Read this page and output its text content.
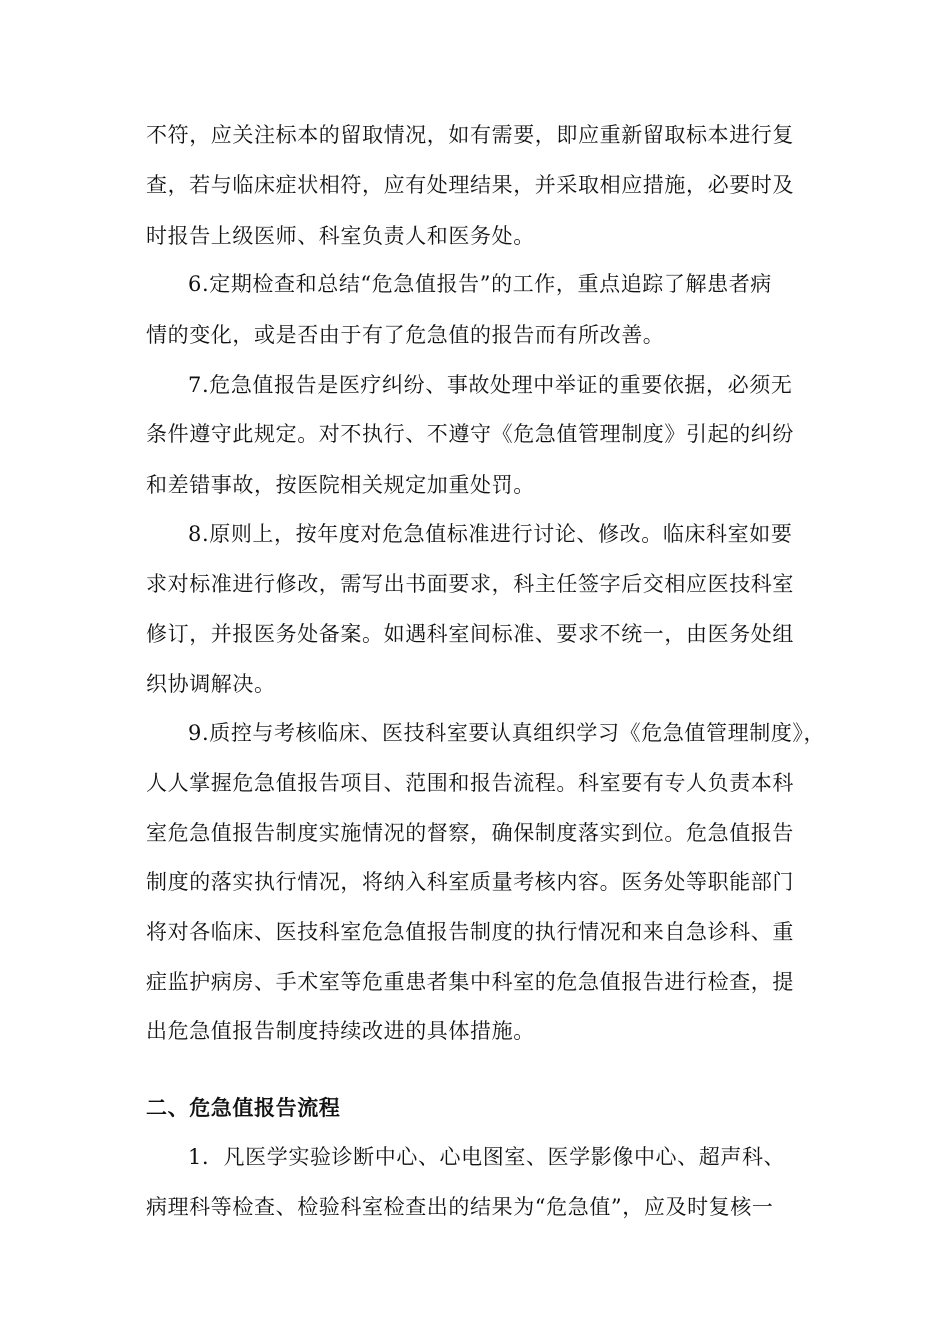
不符，应关注标本的留取情况，如有需要，即应重新留取标本进行复
查，若与临床症状相符，应有处理结果，并采取相应措施，必要时及
时报告上级医师、科室负责人和医务处。
6.定期检查和总结“危急值报告”的工作，重点追踪了解患者病
情的变化，或是否由于有了危急值的报告而有所改善。
7.危急值报告是医疗纠纷、事故处理中举证的重要依据，必须无
条件遵守此规定。对不执行、不遵守《危急值管理制度》引起的纠纷
和差错事故，按医院相关规定加重处罚。
8.原则上，按年度对危急值标准进行讨论、修改。临床科室如要
求对标准进行修改，需写出书面要求，科主任签字后交相应医技科室
修订，并报医务处备案。如遇科室间标准、要求不统一，由医务处组
织协调解决。
9.质控与考核临床、医技科室要认真组织学习《危急值管理制度》，
人人掌握危急值报告项目、范围和报告流程。科室要有专人负责本科
室危急值报告制度实施情况的督察，确保制度落实到位。危急值报告
制度的落实执行情况，将纳入科室质量考核内容。医务处等职能部门
将对各临床、医技科室危急值报告制度的执行情况和来自急诊科、重
症监护病房、手术室等危重患者集中科室的危急值报告进行检查，提
出危急值报告制度持续改进的具体措施。
二、危急值报告流程
1．凡医学实验诊断中心、心电图室、医学影像中心、超声科、
病理科等检查、检验科室检查出的结果为“危急值”，应及时复核一
